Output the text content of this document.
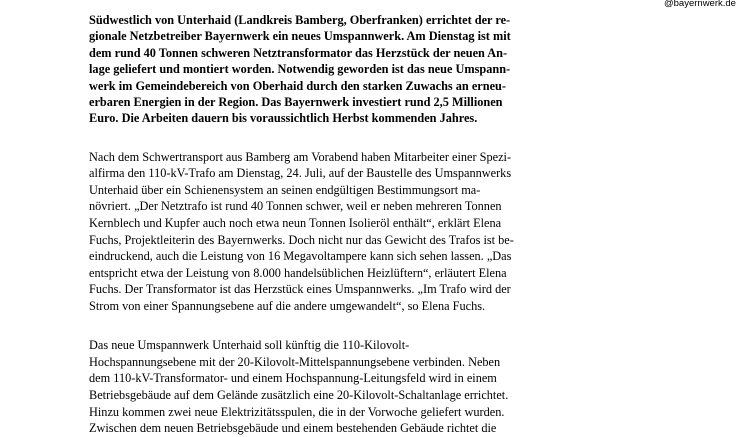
@bayernwerk.de

Südwestlich von Unterhaid (Landkreis Bamberg, Oberfranken) errichtet der re-
gionale Netzbetreiber Bayernwerk ein neues Umspannwerk. Am Dienstag ist mit
dem rund 40 Tonnen schweren Netztransformator das Herzstück der neuen An-
lage geliefert und montiert worden. Notwendig geworden ist das neue Umspann-
werk im Gemeindebereich von Oberhaid durch den starken Zuwachs an erneu-
erbaren Energien in der Region. Das Bayernwerk investiert rund 2,5 Millionen
Euro. Die Arbeiten dauern bis voraussichtlich Herbst kommenden Jahres.

Nach dem Schwertransport aus Bamberg am Vorabend haben Mitarbeiter einer Spezi-
alfirma den 110-kV-Trafo am Dienstag, 24. Juli, auf der Baustelle des Umspannwerks
Unterhaid über ein Schienensystem an seinen endgültigen Bestimmungsort ma-
növriert. „Der Netztrafo ist rund 40 Tonnen schwer, weil er neben mehreren Tonnen
Kernblech und Kupfer auch noch etwa neun Tonnen Isolieröl enthält“, erklärt Elena
Fuchs, Projektleiterin des Bayernwerks. Doch nicht nur das Gewicht des Trafos ist be-
eindruckend, auch die Leistung von 16 Megavoltampere kann sich sehen lassen. „Das
entspricht etwa der Leistung von 8.000 handelsüblichen Heizlüftern“, erläutert Elena
Fuchs. Der Transformator ist das Herzstück eines Umspannwerks. „Im Trafo wird der
Strom von einer Spannungsebene auf die andere umgewandelt“, so Elena Fuchs.

Das neue Umspannwerk Unterhaid soll künftig die 110-Kilovolt-
Hochspannungsebene mit der 20-Kilovolt-Mittelspannungsebene verbinden. Neben
dem 110-kV-Transformator- und einem Hochspannung-Leitungsfeld wird in einem
Betriebsgebäude auf dem Gelände zusätzlich eine 20-Kilovolt-Schaltanlage errichtet.
Hinzu kommen zwei neue Elektrizitätsspulen, die in der Vorwoche geliefert wurden.
Zwischen dem neuen Betriebsgebäude und einem bestehenden Gebäude richtet die
